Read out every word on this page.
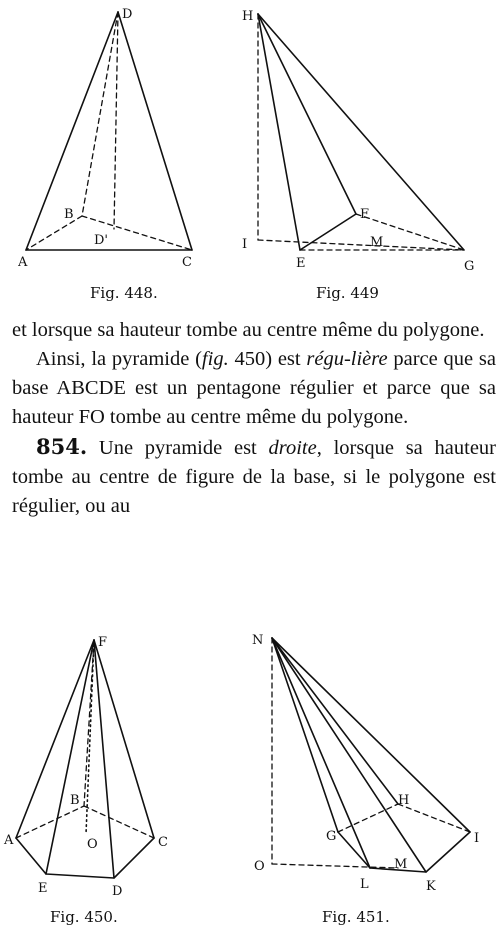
D
B
D'
A	C
Fig. 448.
H
F
I	M
E	G
Fig. 449

et lorsque sa hauteur tombe au centre même du polygone.

Ainsi, la pyramide (fig. 450) est régu-lière parce que sa base ABCDE est un pentagone régulier et parce que sa hauteur FO tombe au centre même du polygone.

854. Une pyramide est droite, lorsque sa hauteur tombe au centre de figure de la base, si le polygone est régulier, ou au

F
B
O
A	C
E	D
Fig. 450.
N
H
G	I
O	M
L	K
Fig. 451.
